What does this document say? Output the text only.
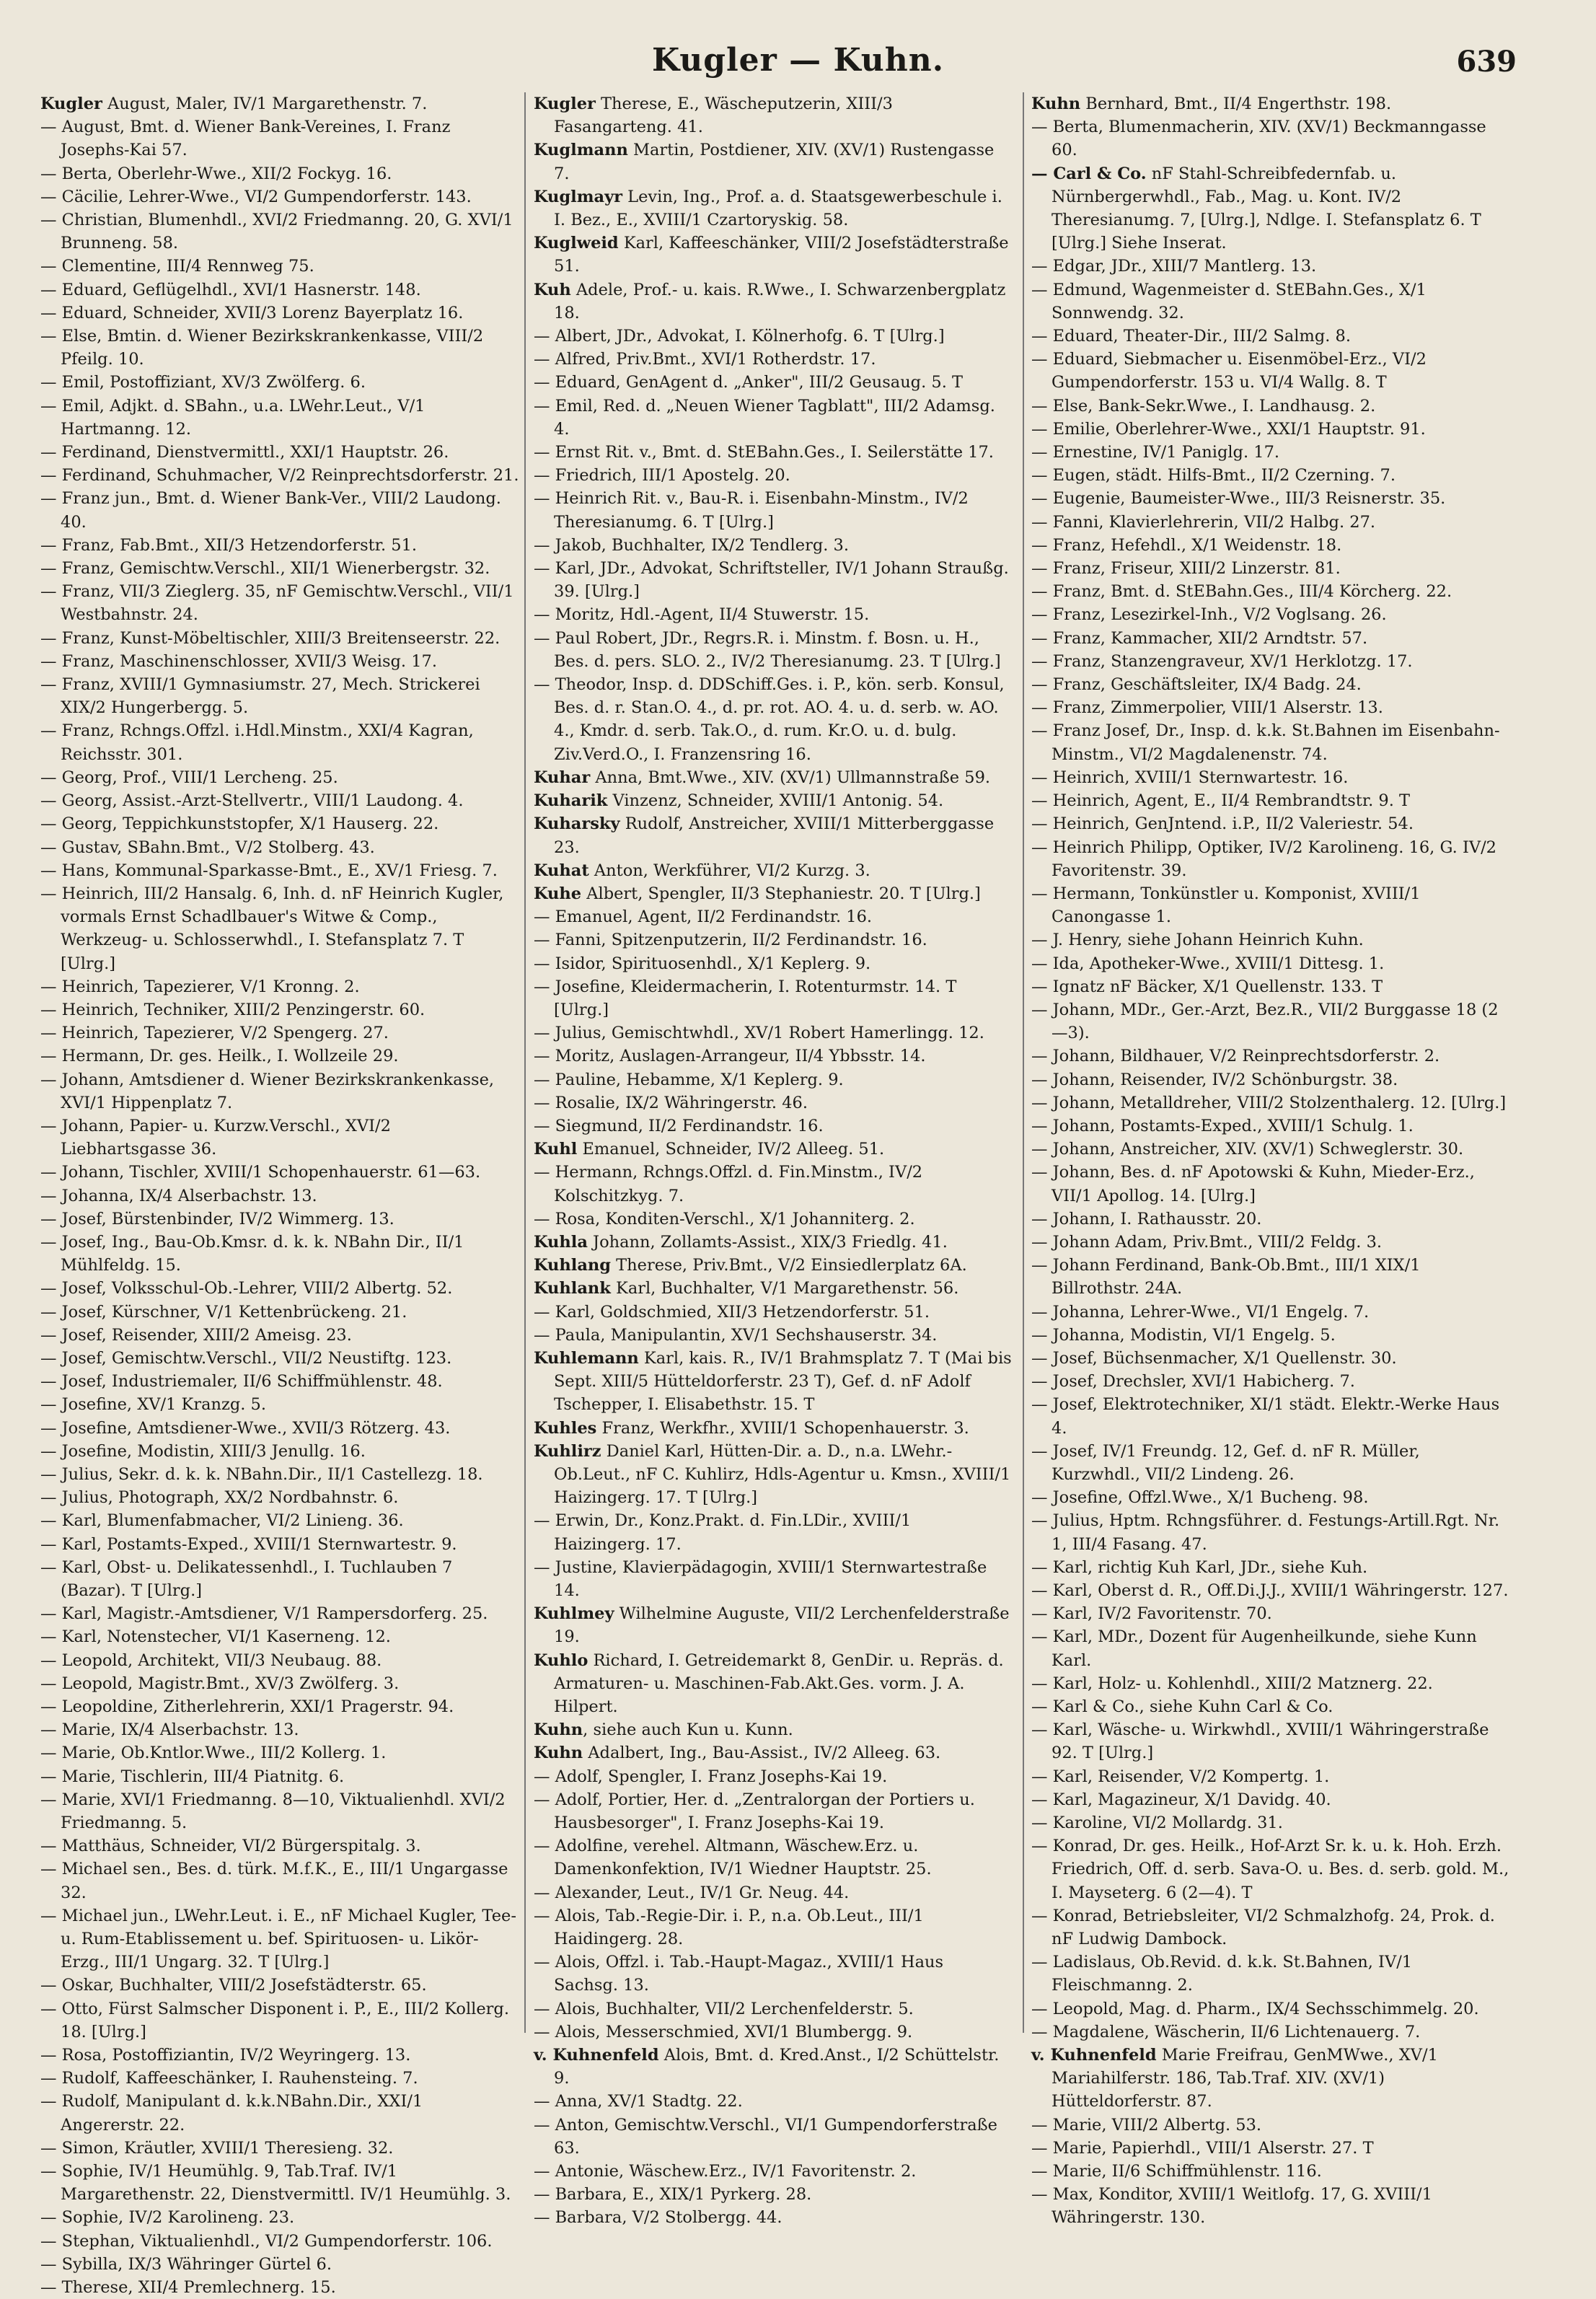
Kugler — Kuhn.	639

Kugler August, Maler, IV/1 Margarethenstr. 7.

— August, Bmt. d. Wiener Bank-Vereines, I. Franz Josephs-Kai 57.

— Berta, Oberlehr-Wwe., XII/2 Fockyg. 16.

— Cäcilie, Lehrer-Wwe., VI/2 Gumpendorferstr. 143.

— Christian, Blumenhdl., XVI/2 Friedmanng. 20, G. XVI/1 Brunneng. 58.

— Clementine, III/4 Rennweg 75.

— Eduard, Geflügelhdl., XVI/1 Hasnerstr. 148.

— Eduard, Schneider, XVII/3 Lorenz Bayerplatz 16.

— Else, Bmtin. d. Wiener Bezirkskrankenkasse, VIII/2 Pfeilg. 10.

— Emil, Postoffiziant, XV/3 Zwölferg. 6.

— Emil, Adjkt. d. SBahn., u.a. LWehr.Leut., V/1 Hartmanng. 12.

— Ferdinand, Dienstvermittl., XXI/1 Hauptstr. 26.

— Ferdinand, Schuhmacher, V/2 Reinprechtsdorferstr. 21.

— Franz jun., Bmt. d. Wiener Bank-Ver., VIII/2 Laudong. 40.

— Franz, Fab.Bmt., XII/3 Hetzendorferstr. 51.

— Franz, Gemischtw.Verschl., XII/1 Wienerbergstr. 32.

— Franz, VII/3 Zieglerg. 35, nF Gemischtw.Verschl., VII/1 Westbahnstr. 24.

— Franz, Kunst-Möbeltischler, XIII/3 Breitenseerstr. 22.

— Franz, Maschinenschlosser, XVII/3 Weisg. 17.

— Franz, XVIII/1 Gymnasiumstr. 27, Mech. Strickerei XIX/2 Hungerbergg. 5.

— Franz, Rchngs.Offzl. i.Hdl.Minstm., XXI/4 Kagran, Reichsstr. 301.

— Georg, Prof., VIII/1 Lercheng. 25.

— Georg, Assist.-Arzt-Stellvertr., VIII/1 Laudong. 4.

— Georg, Teppichkunststopfer, X/1 Hauserg. 22.

— Gustav, SBahn.Bmt., V/2 Stolberg. 43.

— Hans, Kommunal-Sparkasse-Bmt., E., XV/1 Friesg. 7.

— Heinrich, III/2 Hansalg. 6, Inh. d. nF Heinrich Kugler, vormals Ernst Schadlbauer's Witwe & Comp., Werkzeug- u. Schlosserwhdl., I. Stefansplatz 7. T [Ulrg.]

— Heinrich, Tapezierer, V/1 Kronng. 2.

— Heinrich, Techniker, XIII/2 Penzingerstr. 60.

— Heinrich, Tapezierer, V/2 Spengerg. 27.

— Hermann, Dr. ges. Heilk., I. Wollzeile 29.

— Johann, Amtsdiener d. Wiener Bezirkskrankenkasse, XVI/1 Hippenplatz 7.

— Johann, Papier- u. Kurzw.Verschl., XVI/2 Liebhartsgasse 36.

— Johann, Tischler, XVIII/1 Schopenhauerstr. 61—63.

— Johanna, IX/4 Alserbachstr. 13.

— Josef, Bürstenbinder, IV/2 Wimmerg. 13.

— Josef, Ing., Bau-Ob.Kmsr. d. k. k. NBahn Dir., II/1 Mühlfeldg. 15.

— Josef, Volksschul-Ob.-Lehrer, VIII/2 Albertg. 52.

— Josef, Kürschner, V/1 Kettenbrückeng. 21.

— Josef, Reisender, XIII/2 Ameisg. 23.

— Josef, Gemischtw.Verschl., VII/2 Neustiftg. 123.

— Josef, Industriemaler, II/6 Schiffmühlenstr. 48.

— Josefine, XV/1 Kranzg. 5.

— Josefine, Amtsdiener-Wwe., XVII/3 Rötzerg. 43.

— Josefine, Modistin, XIII/3 Jenullg. 16.

— Julius, Sekr. d. k. k. NBahn.Dir., II/1 Castellezg. 18.

— Julius, Photograph, XX/2 Nordbahnstr. 6.

— Karl, Blumenfabmacher, VI/2 Linieng. 36.

— Karl, Postamts-Exped., XVIII/1 Sternwartestr. 9.

— Karl, Obst- u. Delikatessenhdl., I. Tuchlauben 7 (Bazar). T [Ulrg.]

— Karl, Magistr.-Amtsdiener, V/1 Rampersdorferg. 25.

— Karl, Notenstecher, VI/1 Kaserneng. 12.

— Leopold, Architekt, VII/3 Neubaug. 88.

— Leopold, Magistr.Bmt., XV/3 Zwölferg. 3.

— Leopoldine, Zitherlehrerin, XXI/1 Pragerstr. 94.

— Marie, IX/4 Alserbachstr. 13.

— Marie, Ob.Kntlor.Wwe., III/2 Kollerg. 1.

— Marie, Tischlerin, III/4 Piatnitg. 6.

— Marie, XVI/1 Friedmanng. 8—10, Viktualienhdl. XVI/2 Friedmanng. 5.

— Matthäus, Schneider, VI/2 Bürgerspitalg. 3.

— Michael sen., Bes. d. türk. M.f.K., E., III/1 Ungargasse 32.

— Michael jun., LWehr.Leut. i. E., nF Michael Kugler, Tee- u. Rum-Etablissement u. bef. Spirituosen- u. Likör-Erzg., III/1 Ungarg. 32. T [Ulrg.]

— Oskar, Buchhalter, VIII/2 Josefstädterstr. 65.

— Otto, Fürst Salmscher Disponent i. P., E., III/2 Kollerg. 18. [Ulrg.]

— Rosa, Postoffiziantin, IV/2 Weyringerg. 13.

— Rudolf, Kaffeeschänker, I. Rauhensteing. 7.

— Rudolf, Manipulant d. k.k.NBahn.Dir., XXI/1 Angererstr. 22.

— Simon, Kräutler, XVIII/1 Theresieng. 32.

— Sophie, IV/1 Heumühlg. 9, Tab.Traf. IV/1 Margarethenstr. 22, Dienstvermittl. IV/1 Heumühlg. 3.

— Sophie, IV/2 Karolineng. 23.

— Stephan, Viktualienhdl., VI/2 Gumpendorferstr. 106.

— Sybilla, IX/3 Währinger Gürtel 6.

— Therese, XII/4 Premlechnerg. 15.

Kugler Therese, E., Wäscheputzerin, XIII/3 Fasangarteng. 41.

Kuglmann Martin, Postdiener, XIV. (XV/1) Rustengasse 7.

Kuglmayr Levin, Ing., Prof. a. d. Staatsgewerbeschule i. I. Bez., E., XVIII/1 Czartoryskig. 58.

Kuglweid Karl, Kaffeeschänker, VIII/2 Josefstädterstraße 51.

Kuh Adele, Prof.- u. kais. R.Wwe., I. Schwarzenbergplatz 18.

— Albert, JDr., Advokat, I. Kölnerhofg. 6. T [Ulrg.]

— Alfred, Priv.Bmt., XVI/1 Rotherdstr. 17.

— Eduard, GenAgent d. „Anker", III/2 Geusaug. 5. T

— Emil, Red. d. „Neuen Wiener Tagblatt", III/2 Adamsg. 4.

— Ernst Rit. v., Bmt. d. StEBahn.Ges., I. Seilerstätte 17.

— Friedrich, III/1 Apostelg. 20.

— Heinrich Rit. v., Bau-R. i. Eisenbahn-Minstm., IV/2 Theresianumg. 6. T [Ulrg.]

— Jakob, Buchhalter, IX/2 Tendlerg. 3.

— Karl, JDr., Advokat, Schriftsteller, IV/1 Johann Straußg. 39. [Ulrg.]

— Moritz, Hdl.-Agent, II/4 Stuwerstr. 15.

— Paul Robert, JDr., Regrs.R. i. Minstm. f. Bosn. u. H., Bes. d. pers. SLO. 2., IV/2 Theresianumg. 23. T [Ulrg.]

— Theodor, Insp. d. DDSchiff.Ges. i. P., kön. serb. Konsul, Bes. d. r. Stan.O. 4., d. pr. rot. AO. 4. u. d. serb. w. AO. 4., Kmdr. d. serb. Tak.O., d. rum. Kr.O. u. d. bulg. Ziv.Verd.O., I. Franzensring 16.

Kuhar Anna, Bmt.Wwe., XIV. (XV/1) Ullmannstraße 59.

Kuharik Vinzenz, Schneider, XVIII/1 Antonig. 54.

Kuharsky Rudolf, Anstreicher, XVIII/1 Mitterberggasse 23.

Kuhat Anton, Werkführer, VI/2 Kurzg. 3.

Kuhe Albert, Spengler, II/3 Stephaniestr. 20. T [Ulrg.]

— Emanuel, Agent, II/2 Ferdinandstr. 16.

— Fanni, Spitzenputzerin, II/2 Ferdinandstr. 16.

— Isidor, Spirituosenhdl., X/1 Keplerg. 9.

— Josefine, Kleidermacherin, I. Rotenturmstr. 14. T [Ulrg.]

— Julius, Gemischtwhdl., XV/1 Robert Hamerlingg. 12.

— Moritz, Auslagen-Arrangeur, II/4 Ybbsstr. 14.

— Pauline, Hebamme, X/1 Keplerg. 9.

— Rosalie, IX/2 Währingerstr. 46.

— Siegmund, II/2 Ferdinandstr. 16.

Kuhl Emanuel, Schneider, IV/2 Alleeg. 51.

— Hermann, Rchngs.Offzl. d. Fin.Minstm., IV/2 Kolschitzkyg. 7.

— Rosa, Konditen-Verschl., X/1 Johanniterg. 2.

Kuhla Johann, Zollamts-Assist., XIX/3 Friedlg. 41.

Kuhlang Therese, Priv.Bmt., V/2 Einsiedlerplatz 6A.

Kuhlank Karl, Buchhalter, V/1 Margarethenstr. 56.

— Karl, Goldschmied, XII/3 Hetzendorferstr. 51.

— Paula, Manipulantin, XV/1 Sechshauserstr. 34.

Kuhlemann Karl, kais. R., IV/1 Brahmsplatz 7. T (Mai bis Sept. XIII/5 Hütteldorferstr. 23 T), Gef. d. nF Adolf Tschepper, I. Elisabethstr. 15. T

Kuhles Franz, Werkfhr., XVIII/1 Schopenhauerstr. 3.

Kuhlirz Daniel Karl, Hütten-Dir. a. D., n.a. LWehr.-Ob.Leut., nF C. Kuhlirz, Hdls-Agentur u. Kmsn., XVIII/1 Haizingerg. 17. T [Ulrg.]

— Erwin, Dr., Konz.Prakt. d. Fin.LDir., XVIII/1 Haizingerg. 17.

— Justine, Klavierpädagogin, XVIII/1 Sternwartestraße 14.

Kuhlmey Wilhelmine Auguste, VII/2 Lerchenfelderstraße 19.

Kuhlo Richard, I. Getreidemarkt 8, GenDir. u. Repräs. d. Armaturen- u. Maschinen-Fab.Akt.Ges. vorm. J. A. Hilpert.

Kuhn, siehe auch Kun u. Kunn.

Kuhn Adalbert, Ing., Bau-Assist., IV/2 Alleeg. 63.

— Adolf, Spengler, I. Franz Josephs-Kai 19.

— Adolf, Portier, Her. d. „Zentralorgan der Portiers u. Hausbesorger", I. Franz Josephs-Kai 19.

— Adolfine, verehel. Altmann, Wäschew.Erz. u. Damenkonfektion, IV/1 Wiedner Hauptstr. 25.

— Alexander, Leut., IV/1 Gr. Neug. 44.

— Alois, Tab.-Regie-Dir. i. P., n.a. Ob.Leut., III/1 Haidingerg. 28.

— Alois, Offzl. i. Tab.-Haupt-Magaz., XVIII/1 Haus Sachsg. 13.

— Alois, Buchhalter, VII/2 Lerchenfelderstr. 5.

— Alois, Messerschmied, XVI/1 Blumbergg. 9.

v. Kuhnenfeld Alois, Bmt. d. Kred.Anst., I/2 Schüttelstr. 9.

— Anna, XV/1 Stadtg. 22.

— Anton, Gemischtw.Verschl., VI/1 Gumpendorferstraße 63.

— Antonie, Wäschew.Erz., IV/1 Favoritenstr. 2.

— Barbara, E., XIX/1 Pyrkerg. 28.

— Barbara, V/2 Stolbergg. 44.

Kuhn Bernhard, Bmt., II/4 Engerthstr. 198.

— Berta, Blumenmacherin, XIV. (XV/1) Beckmanngasse 60.

— Carl & Co. nF Stahl-Schreibfedernfab. u. Nürnbergerwhdl., Fab., Mag. u. Kont. IV/2 Theresianumg. 7, [Ulrg.], Ndlge. I. Stefansplatz 6. T [Ulrg.] Siehe Inserat.

— Edgar, JDr., XIII/7 Mantlerg. 13.

— Edmund, Wagenmeister d. StEBahn.Ges., X/1 Sonnwendg. 32.

— Eduard, Theater-Dir., III/2 Salmg. 8.

— Eduard, Siebmacher u. Eisenmöbel-Erz., VI/2 Gumpendorferstr. 153 u. VI/4 Wallg. 8. T

— Else, Bank-Sekr.Wwe., I. Landhausg. 2.

— Emilie, Oberlehrer-Wwe., XXI/1 Hauptstr. 91.

— Ernestine, IV/1 Paniglg. 17.

— Eugen, städt. Hilfs-Bmt., II/2 Czerning. 7.

— Eugenie, Baumeister-Wwe., III/3 Reisnerstr. 35.

— Fanni, Klavierlehrerin, VII/2 Halbg. 27.

— Franz, Hefehdl., X/1 Weidenstr. 18.

— Franz, Friseur, XIII/2 Linzerstr. 81.

— Franz, Bmt. d. StEBahn.Ges., III/4 Körcherg. 22.

— Franz, Lesezirkel-Inh., V/2 Voglsang. 26.

— Franz, Kammacher, XII/2 Arndtstr. 57.

— Franz, Stanzengraveur, XV/1 Herklotzg. 17.

— Franz, Geschäftsleiter, IX/4 Badg. 24.

— Franz, Zimmerpolier, VIII/1 Alserstr. 13.

— Franz Josef, Dr., Insp. d. k.k. St.Bahnen im Eisenbahn-Minstm., VI/2 Magdalenenstr. 74.

— Heinrich, XVIII/1 Sternwartestr. 16.

— Heinrich, Agent, E., II/4 Rembrandtstr. 9. T

— Heinrich, GenJntend. i.P., II/2 Valeriestr. 54.

— Heinrich Philipp, Optiker, IV/2 Karolineng. 16, G. IV/2 Favoritenstr. 39.

— Hermann, Tonkünstler u. Komponist, XVIII/1 Canongasse 1.

— J. Henry, siehe Johann Heinrich Kuhn.

— Ida, Apotheker-Wwe., XVIII/1 Dittesg. 1.

— Ignatz nF Bäcker, X/1 Quellenstr. 133. T

— Johann, MDr., Ger.-Arzt, Bez.R., VII/2 Burggasse 18 (2—3).

— Johann, Bildhauer, V/2 Reinprechtsdorferstr. 2.

— Johann, Reisender, IV/2 Schönburgstr. 38.

— Johann, Metalldreher, VIII/2 Stolzenthalerg. 12. [Ulrg.]

— Johann, Postamts-Exped., XVIII/1 Schulg. 1.

— Johann, Anstreicher, XIV. (XV/1) Schweglerstr. 30.

— Johann, Bes. d. nF Apotowski & Kuhn, Mieder-Erz., VII/1 Apollog. 14. [Ulrg.]

— Johann, I. Rathausstr. 20.

— Johann Adam, Priv.Bmt., VIII/2 Feldg. 3.

— Johann Ferdinand, Bank-Ob.Bmt., III/1 XIX/1 Billrothstr. 24A.

— Johanna, Lehrer-Wwe., VI/1 Engelg. 7.

— Johanna, Modistin, VI/1 Engelg. 5.

— Josef, Büchsenmacher, X/1 Quellenstr. 30.

— Josef, Drechsler, XVI/1 Habicherg. 7.

— Josef, Elektrotechniker, XI/1 städt. Elektr.-Werke Haus 4.

— Josef, IV/1 Freundg. 12, Gef. d. nF R. Müller, Kurzwhdl., VII/2 Lindeng. 26.

— Josefine, Offzl.Wwe., X/1 Bucheng. 98.

— Julius, Hptm. Rchngsführer. d. Festungs-Artill.Rgt. Nr. 1, III/4 Fasang. 47.

— Karl, richtig Kuh Karl, JDr., siehe Kuh.

— Karl, Oberst d. R., Off.Di.J.J., XVIII/1 Währingerstr. 127.

— Karl, IV/2 Favoritenstr. 70.

— Karl, MDr., Dozent für Augenheilkunde, siehe Kunn Karl.

— Karl, Holz- u. Kohlenhdl., XIII/2 Matznerg. 22.

— Karl & Co., siehe Kuhn Carl & Co.

— Karl, Wäsche- u. Wirkwhdl., XVIII/1 Währingerstraße 92. T [Ulrg.]

— Karl, Reisender, V/2 Kompertg. 1.

— Karl, Magazineur, X/1 Davidg. 40.

— Karoline, VI/2 Mollardg. 31.

— Konrad, Dr. ges. Heilk., Hof-Arzt Sr. k. u. k. Hoh. Erzh. Friedrich, Off. d. serb. Sava-O. u. Bes. d. serb. gold. M., I. Mayseterg. 6 (2—4). T

— Konrad, Betriebsleiter, VI/2 Schmalzhofg. 24, Prok. d. nF Ludwig Dambock.

— Ladislaus, Ob.Revid. d. k.k. St.Bahnen, IV/1 Fleischmanng. 2.

— Leopold, Mag. d. Pharm., IX/4 Sechsschimmelg. 20.

— Magdalene, Wäscherin, II/6 Lichtenauerg. 7.

v. Kuhnenfeld Marie Freifrau, GenMWwe., XV/1 Mariahilferstr. 186, Tab.Traf. XIV. (XV/1) Hütteldorferstr. 87.

— Marie, VIII/2 Albertg. 53.

— Marie, Papierhdl., VIII/1 Alserstr. 27. T

— Marie, II/6 Schiffmühlenstr. 116.

— Max, Konditor, XVIII/1 Weitlofg. 17, G. XVIII/1 Währingerstr. 130.
